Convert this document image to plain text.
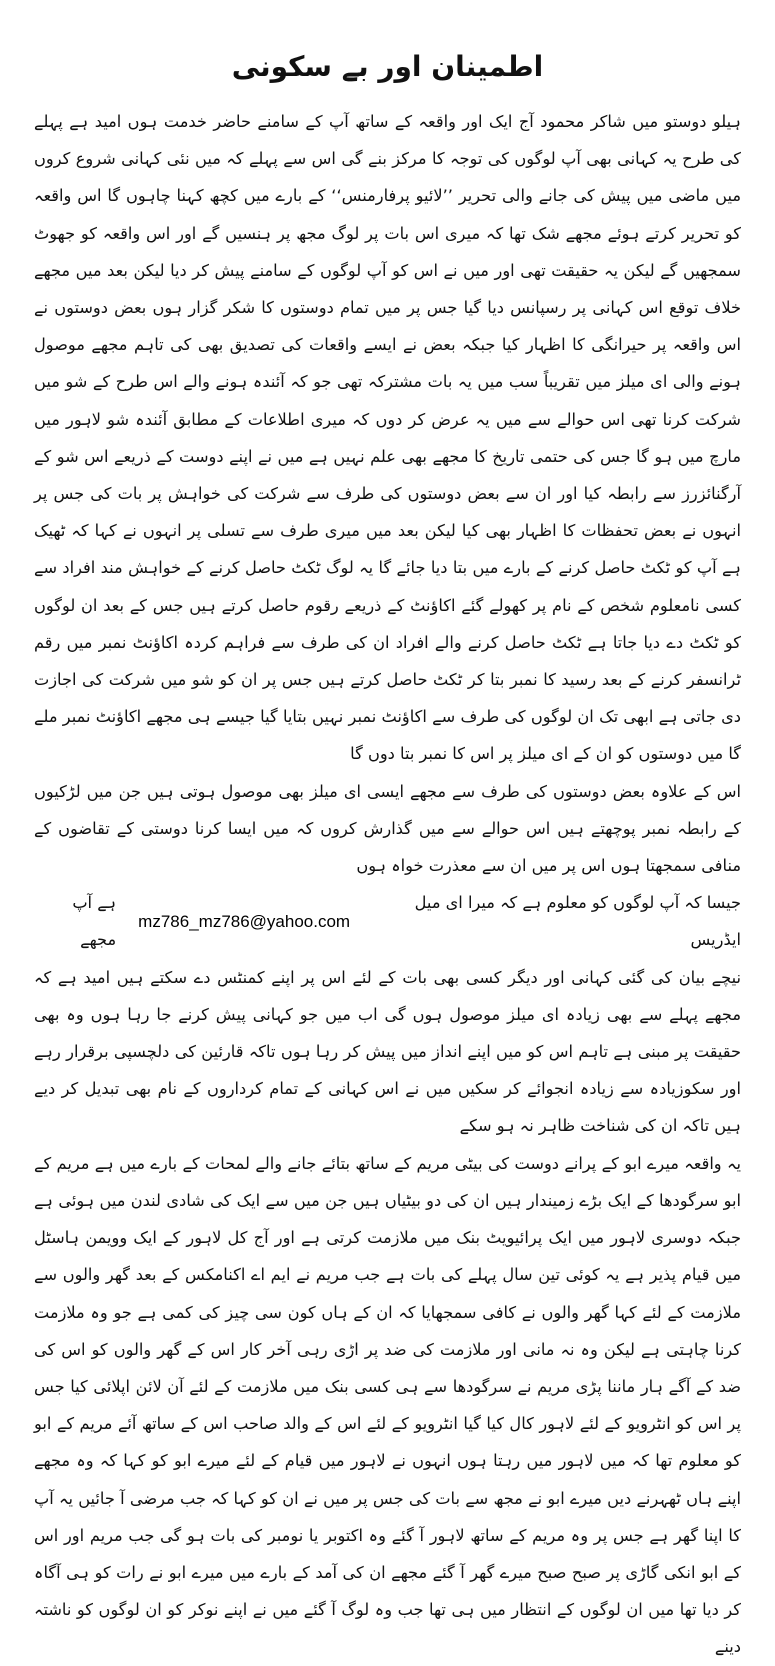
اطمینان اور بے سکونی

ہیلو دوستو میں شاکر محمود آج ایک اور واقعہ کے ساتھ آپ کے سامنے حاضر خدمت ہوں امید ہے پہلے کی طرح یہ کہانی بھی آپ لوگوں کی توجہ کا مرکز بنے گی اس سے پہلے کہ میں نئی کہانی شروع کروں میں ماضی میں پیش کی جانے والی تحریر ’’لائیو پرفارمنس‘‘ کے بارے میں کچھ کہنا چاہوں گا اس واقعہ کو تحریر کرتے ہوئے مجھے شک تھا کہ میری اس بات پر لوگ مجھ پر ہنسیں گے اور اس واقعہ کو جھوٹ سمجھیں گے لیکن یہ حقیقت تھی اور میں نے اس کو آپ لوگوں کے سامنے پیش کر دیا لیکن بعد میں مجھے خلاف توقع اس کہانی پر رسپانس دیا گیا جس پر میں تمام دوستوں کا شکر گزار ہوں بعض دوستوں نے اس واقعہ پر حیرانگی کا اظہار کیا جبکہ بعض نے ایسے واقعات کی تصدیق بھی کی تاہم مجھے موصول ہونے والی ای میلز میں تقریباً سب میں یہ بات مشترکہ تھی جو کہ آئندہ ہونے والے اس طرح کے شو میں شرکت کرنا تھی اس حوالے سے میں یہ عرض کر دوں کہ میری اطلاعات کے مطابق آئندہ شو لاہور میں مارچ میں ہو گا جس کی حتمی تاریخ کا مجھے بھی علم نہیں ہے میں نے اپنے دوست کے ذریعے اس شو کے آرگنائزرز سے رابطہ کیا اور ان سے بعض دوستوں کی طرف سے شرکت کی خواہش پر بات کی جس پر انہوں نے بعض تحفظات کا اظہار بھی کیا لیکن بعد میں میری طرف سے تسلی پر انہوں نے کہا کہ ٹھیک ہے آپ کو ٹکٹ حاصل کرنے کے بارے میں بتا دیا جائے گا یہ لوگ ٹکٹ حاصل کرنے کے خواہش مند افراد سے کسی نامعلوم شخص کے نام پر کھولے گئے اکاؤنٹ کے ذریعے رقوم حاصل کرتے ہیں جس کے بعد ان لوگوں کو ٹکٹ دے دیا جاتا ہے ٹکٹ حاصل کرنے والے افراد ان کی طرف سے فراہم کردہ اکاؤنٹ نمبر میں رقم ٹرانسفر کرنے کے بعد رسید کا نمبر بتا کر ٹکٹ حاصل کرتے ہیں جس پر ان کو شو میں شرکت کی اجازت دی جاتی ہے ابھی تک ان لوگوں کی طرف سے اکاؤنٹ نمبر نہیں بتایا گیا جیسے ہی مجھے اکاؤنٹ نمبر ملے گا میں دوستوں کو ان کے ای میلز پر اس کا نمبر بتا دوں گا

اس کے علاوہ بعض دوستوں کی طرف سے مجھے ایسی ای میلز بھی موصول ہوتی ہیں جن میں لڑکیوں کے رابطہ نمبر پوچھتے ہیں اس حوالے سے میں گذارش کروں کہ میں ایسا کرنا دوستی کے تقاضوں کے منافی سمجھتا ہوں اس پر میں ان سے معذرت خواہ ہوں

جیسا کہ آپ لوگوں کو معلوم ہے کہ میرا ای میل ایڈریس
mz786_mz786@yahoo.com
ہے آپ مجھے

نیچے بیان کی گئی کہانی اور دیگر کسی بھی بات کے لئے اس پر اپنے کمنٹس دے سکتے ہیں امید ہے کہ مجھے پہلے سے بھی زیادہ ای میلز موصول ہوں گی اب میں جو کہانی پیش کرنے جا رہا ہوں وہ بھی حقیقت پر مبنی ہے تاہم اس کو میں اپنے انداز میں پیش کر رہا ہوں تاکہ قارئین کی دلچسپی برقرار رہے اور سکوزیادہ سے زیادہ انجوائے کر سکیں میں نے اس کہانی کے تمام کرداروں کے نام بھی تبدیل کر دیے ہیں تاکہ ان کی شناخت ظاہر نہ ہو سکے

یہ واقعہ میرے ابو کے پرانے دوست کی بیٹی مریم کے ساتھ بتائے جانے والے لمحات کے بارے میں ہے مریم کے ابو سرگودھا کے ایک بڑے زمیندار ہیں ان کی دو بیٹیاں ہیں جن میں سے ایک کی شادی لندن میں ہوئی ہے جبکہ دوسری لاہور میں ایک پرائیویٹ بنک میں ملازمت کرتی ہے اور آج کل لاہور کے ایک وویمن ہاسٹل میں قیام پذیر ہے یہ کوئی تین سال پہلے کی بات ہے جب مریم نے ایم اے اکنامکس کے بعد گھر والوں سے ملازمت کے لئے کہا گھر والوں نے کافی سمجھایا کہ ان کے ہاں کون سی چیز کی کمی ہے جو وہ ملازمت کرنا چاہتی ہے لیکن وہ نہ مانی اور ملازمت کی ضد پر اڑی رہی آخر کار اس کے گھر والوں کو اس کی ضد کے آگے ہار ماننا پڑی مریم نے سرگودھا سے ہی کسی بنک میں ملازمت کے لئے آن لائن اپلائی کیا جس پر اس کو انٹرویو کے لئے لاہور کال کیا گیا انٹرویو کے لئے اس کے والد صاحب اس کے ساتھ آئے مریم کے ابو کو معلوم تھا کہ میں لاہور میں رہتا ہوں انہوں نے لاہور میں قیام کے لئے میرے ابو کو کہا کہ وہ مجھے اپنے ہاں ٹھہرنے دیں میرے ابو نے مجھ سے بات کی جس پر میں نے ان کو کہا کہ جب مرضی آ جائیں یہ آپ کا اپنا گھر ہے جس پر وہ مریم کے ساتھ لاہور آ گئے وہ اکتوبر یا نومبر کی بات ہو گی جب مریم اور اس کے ابو انکی گاڑی پر صبح صبح میرے گھر آ گئے مجھے ان کی آمد کے بارے میں میرے ابو نے رات کو ہی آگاہ کر دیا تھا میں ان لوگوں کے انتظار میں ہی تھا جب وہ لوگ آ گئے میں نے اپنے نوکر کو ان لوگوں کو ناشتہ دینے
